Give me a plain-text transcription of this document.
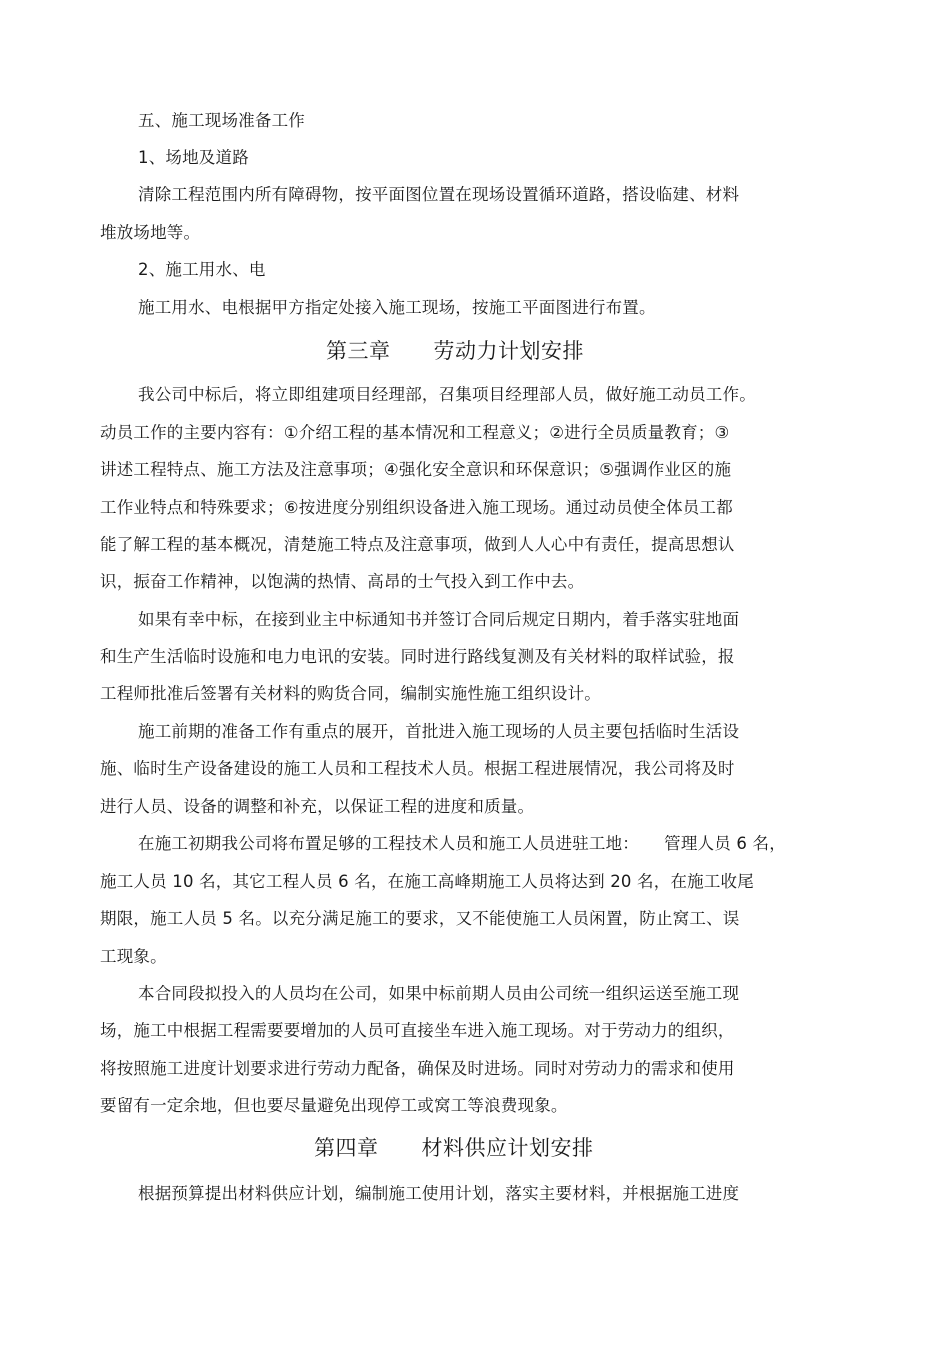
五、施工现场准备工作
1、场地及道路
清除工程范围内所有障碍物，按平面图位置在现场设置循环道路，搭设临建、材料
堆放场地等。
2、施工用水、电
施工用水、电根据甲方指定处接入施工现场，按施工平面图进行布置。
第三章　　劳动力计划安排
我公司中标后，将立即组建项目经理部，召集项目经理部人员，做好施工动员工作。
动员工作的主要内容有：①介绍工程的基本情况和工程意义；②进行全员质量教育；③
讲述工程特点、施工方法及注意事项；④强化安全意识和环保意识；⑤强调作业区的施
工作业特点和特殊要求；⑥按进度分别组织设备进入施工现场。通过动员使全体员工都
能了解工程的基本概况，清楚施工特点及注意事项，做到人人心中有责任，提高思想认
识，振奋工作精神，以饱满的热情、高昂的士气投入到工作中去。
如果有幸中标，在接到业主中标通知书并签订合同后规定日期内，着手落实驻地面
和生产生活临时设施和电力电讯的安装。同时进行路线复测及有关材料的取样试验，报
工程师批准后签署有关材料的购货合同，编制实施性施工组织设计。
施工前期的准备工作有重点的展开，首批进入施工现场的人员主要包括临时生活设
施、临时生产设备建设的施工人员和工程技术人员。根据工程进展情况，我公司将及时
进行人员、设备的调整和补充，以保证工程的进度和质量。
在施工初期我公司将布置足够的工程技术人员和施工人员进驻工地：　　管理人员 6 名，
施工人员 10 名，其它工程人员 6 名，在施工高峰期施工人员将达到 20 名，在施工收尾
期限，施工人员 5 名。以充分满足施工的要求，又不能使施工人员闲置，防止窝工、误
工现象。
本合同段拟投入的人员均在公司，如果中标前期人员由公司统一组织运送至施工现
场，施工中根据工程需要要增加的人员可直接坐车进入施工现场。对于劳动力的组织，
将按照施工进度计划要求进行劳动力配备，确保及时进场。同时对劳动力的需求和使用
要留有一定余地，但也要尽量避免出现停工或窝工等浪费现象。
第四章　　材料供应计划安排
根据预算提出材料供应计划，编制施工使用计划，落实主要材料，并根据施工进度
